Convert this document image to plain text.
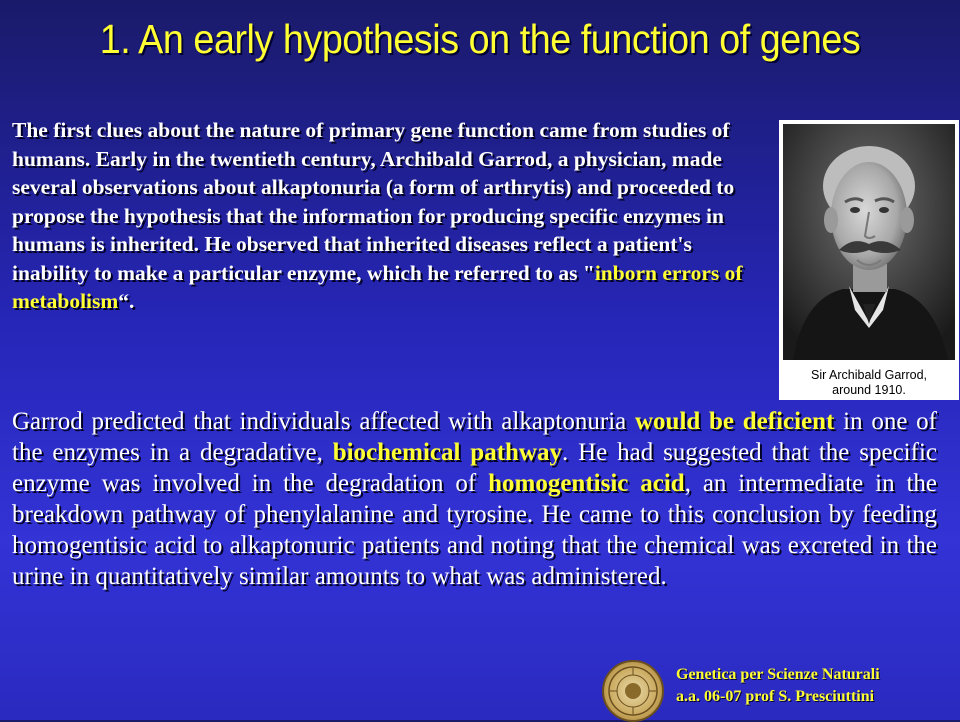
1. An early hypothesis on the function of genes
The first clues about the nature of primary gene function came from studies of humans. Early in the twentieth century, Archibald Garrod, a physician, made several observations about alkaptonuria (a form of arthrytis) and proceeded to propose the hypothesis that the information for producing specific enzymes in humans is inherited. He observed that inherited diseases reflect a patient's inability to make a particular enzyme, which he referred to as "inborn errors of metabolism“.
Sir Archibald Garrod,
around 1910.
Garrod predicted that individuals affected with alkaptonuria would be deficient in one of the enzymes in a degradative, biochemical pathway. He had suggested that the specific enzyme was involved in the degradation of homogentisic acid, an intermediate in the breakdown pathway of phenylalanine and tyrosine. He came to this conclusion by feeding homogentisic acid to alkaptonuric patients and noting that the chemical was excreted in the urine in quantitatively similar amounts to what was administered.
Genetica per Scienze Naturali
a.a. 06-07 prof S. Presciuttini
